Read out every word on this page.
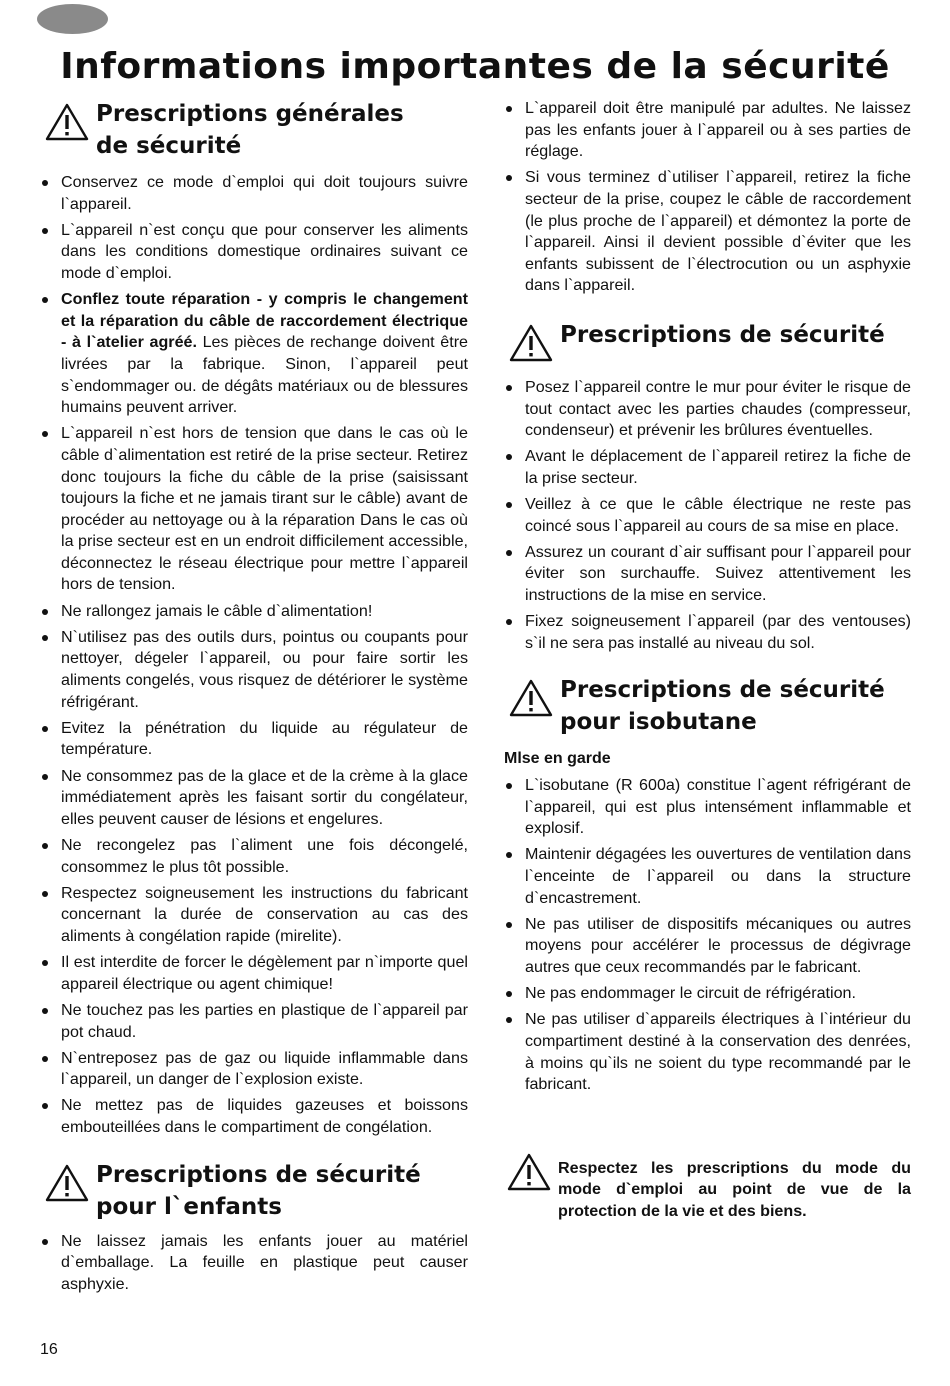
Informations importantes de la sécurité
Prescriptions générales
de sécurité
Conservez ce mode d`emploi qui doit toujours suivre l`appareil.
L`appareil n`est conçu que pour conserver les aliments dans les conditions domestique ordinaires suivant ce mode d`emploi.
Conflez toute réparation - y compris le changement et la réparation du câble de raccordement électrique - à l`atelier agréé. Les pièces de rechange doivent être livrées par la fabrique. Sinon, l`appareil peut s`endommager ou. de dégâts matériaux ou de blessures humains peuvent arriver.
L`appareil n`est hors de tension que dans le cas où le câble d`alimentation est retiré de la prise secteur. Retirez donc toujours la fiche du câble de la prise (saisissant toujours la fiche et ne jamais tirant sur le câble) avant de procéder au nettoyage ou à la réparation Dans le cas où la prise secteur est en un endroit difficilement accessible, déconnectez le réseau électrique pour mettre l`appareil hors de tension.
Ne rallongez jamais le câble d`alimentation!
N`utilisez pas des outils durs, pointus ou coupants pour nettoyer, dégeler l`appareil, ou pour faire sortir les aliments congelés, vous risquez de détériorer le système réfrigérant.
Evitez la pénétration du liquide au régulateur de température.
Ne consommez pas de la glace et de la crème à la glace immédiatement après les faisant sortir du congélateur, elles peuvent causer de lésions et engelures.
Ne recongelez pas l`aliment une fois décongelé, consommez le plus tôt possible.
Respectez soigneusement les instructions du fabricant concernant la durée de conservation au cas des aliments à congélation rapide (mirelite).
Il est interdite de forcer le dégèlement par n`importe quel appareil électrique ou agent chimique!
Ne touchez pas les parties en plastique de l`appareil par pot chaud.
N`entreposez pas de gaz ou liquide inflammable dans l`appareil, un danger de l`explosion existe.
Ne mettez pas de liquides gazeuses et boissons embouteillées dans le compartiment de congélation.
Prescriptions de sécurité
pour l`enfants
Ne laissez jamais les enfants jouer au matériel d`emballage. La feuille en plastique peut causer asphyxie.
L`appareil doit être manipulé par adultes. Ne laissez pas les enfants jouer à l`appareil ou à ses parties de réglage.
Si vous terminez d`utiliser l`appareil, retirez la fiche secteur de la prise, coupez le câble de raccordement (le plus proche de l`appareil) et démontez la porte de l`appareil. Ainsi il devient possible d`éviter que les enfants subissent de l`électrocution ou un asphyxie dans l`appareil.
Prescriptions de sécurité
Posez l`appareil contre le mur pour éviter le risque de tout contact avec les parties chaudes (compresseur, condenseur) et prévenir les brûlures éventuelles.
Avant le déplacement de l`appareil retirez la fiche de la prise secteur.
Veillez à ce que le câble électrique ne reste pas coincé sous l`appareil au cours de sa mise en place.
Assurez un courant d`air suffisant pour l`appareil pour éviter son surchauffe. Suivez attentivement les instructions de la mise en service.
Fixez soigneusement l`appareil (par des ventouses) s`il ne sera pas installé au niveau du sol.
Prescriptions de sécurité
pour isobutane
Mlse en garde
L`isobutane (R 600a) constitue l`agent réfrigérant de l`appareil, qui est plus intensément inflammable et explosif.
Maintenir dégagées les ouvertures de ventilation dans l`enceinte de l`appareil ou dans la structure d`encastrement.
Ne pas utiliser de dispositifs mécaniques ou autres moyens pour accélérer le processus de dégivrage autres que ceux recommandés par le fabricant.
Ne pas endommager le circuit de réfrigération.
Ne pas utiliser d`appareils électriques à l`intérieur du compartiment destiné à la conservation des denrées, à moins qu`ils ne soient du type recommandé par le fabricant.
Respectez les prescriptions du mode du mode d`emploi au point de vue de la protection de la vie et des biens.
16
